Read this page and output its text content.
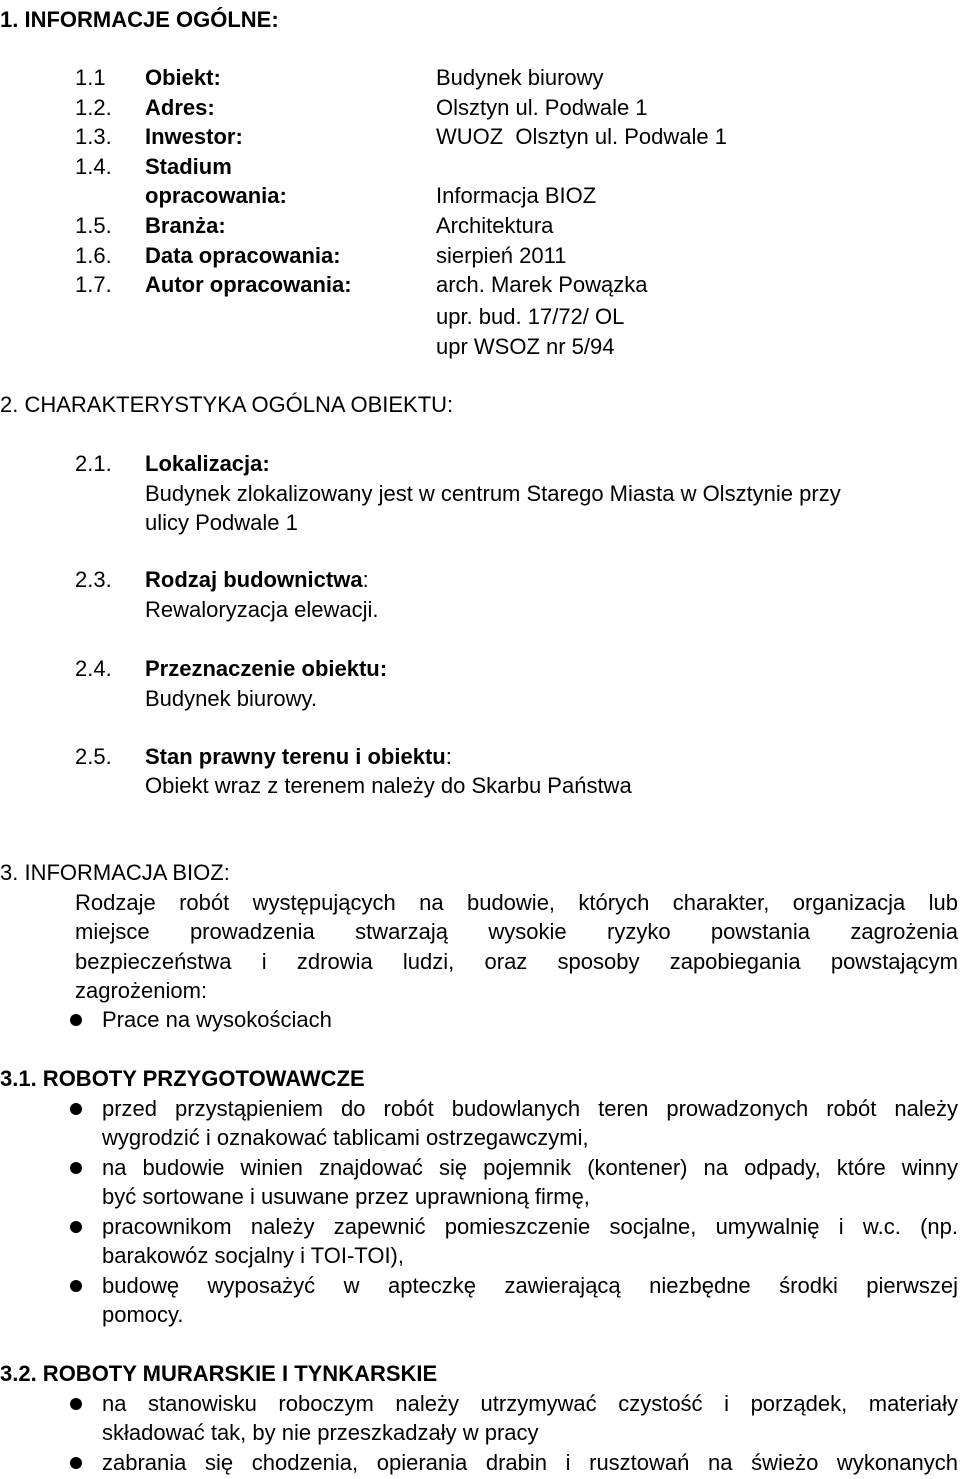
1. INFORMACJE OGÓLNE:
1.1 Obiekt:	Budynek biurowy
1.2. Adres:	Olsztyn ul. Podwale 1
1.3. Inwestor:	WUOZ  Olsztyn ul. Podwale 1
1.4. Stadium
opracowania:	Informacja BIOZ
1.5. Branża:	Architektura
1.6. Data opracowania:	sierpień 2011
1.7. Autor opracowania:	arch. Marek Powązka
upr. bud. 17/72/ OL
upr WSOZ nr 5/94
2. CHARAKTERYSTYKA OGÓLNA OBIEKTU:
2.1. Lokalizacja:
Budynek zlokalizowany jest w centrum Starego Miasta w Olsztynie przy
ulicy Podwale 1
2.3. Rodzaj budownictwa:
Rewaloryzacja elewacji.
2.4. Przeznaczenie obiektu:
Budynek biurowy.
2.5. Stan prawny terenu i obiektu:
Obiekt wraz z terenem należy do Skarbu Państwa
3. INFORMACJA BIOZ:
Rodzaje robót występujących na budowie, których charakter, organizacja lub
miejsce prowadzenia stwarzają wysokie ryzyko powstania zagrożenia
bezpieczeństwa i zdrowia ludzi, oraz sposoby zapobiegania powstającym
zagrożeniom:
Prace na wysokościach
3.1. ROBOTY PRZYGOTOWAWCZE
przed przystąpieniem do robót budowlanych teren prowadzonych robót należy
wygrodzić i oznakować tablicami ostrzegawczymi,
na budowie winien znajdować się pojemnik (kontener) na odpady, które winny
być sortowane i usuwane przez uprawnioną firmę,
pracownikom należy zapewnić pomieszczenie socjalne, umywalnię i w.c. (np.
barakowóz socjalny i TOI-TOI),
budowę wyposażyć w apteczkę zawierającą niezbędne środki pierwszej
pomocy.
3.2. ROBOTY MURARSKIE I TYNKARSKIE
na stanowisku roboczym należy utrzymywać czystość i porządek, materiały
składować tak, by nie przeszkadzały w pracy
zabrania się chodzenia, opierania drabin i rusztowań na świeżo wykonanych
